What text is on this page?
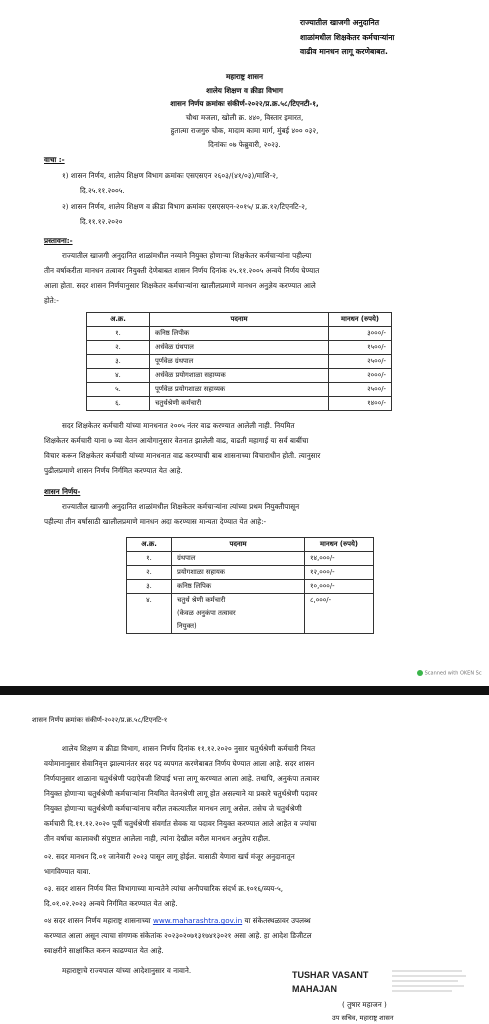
राज्यातील खाजगी अनुदानित
शाळांमधील शिक्षकेतर कर्मचाऱ्यांना
वाढीव मानधन लागू करणेबाबत.
महाराष्ट्र शासन
शालेय शिक्षण व क्रीडा विभाग
शासन निर्णय क्रमांकः संकीर्ण-२०२२/प्र.क्र.५८/टिएनटी-१,
चौथा मजला, खोली क्र. ४४०, विस्तार इमारत,
हुतात्मा राजगुरु चौक, मादाम कामा मार्ग, मुंबई ४०० ०३२,
दिनांकः ०७ फेब्रुवारी, २०२३.
वाचा :-
१) शासन निर्णय, शालेय शिक्षण विभाग क्रमांकः एसएसएन २६०३/(४१/०३)/माशि-२,
दि.२५.११.२००५.
२) शासन निर्णय, शालेय शिक्षण व क्रीडा विभाग क्रमांकः एसएसएन-२०१५/ प्र.क्र.१२/टिएनटि-२,
दि.११.१२.२०२०
प्रस्तावना:-
राज्यातील खाजगी अनुदानित शाळांमधील नव्याने नियुक्त होणाऱ्या शिक्षकेतर कर्मचाऱ्यांना पहील्या
तीन वर्षाकरीता मानधन तत्वावर नियुक्ती देणेबाबत शासन निर्णय दिनांक २५.११.२००५ अन्वये निर्णय घेण्यात
आला होता. सदर शासन निर्णयानुसार शिक्षकेतर कर्मचाऱ्यांना खालीलप्रमाणे मानधन अनुज्ञेय करण्यात आले
होते:-
अ.क्र.	पदनाम	मानधन (रुपये)
१.	कनिष्ठ लिपीक	३०००/-
२.	अर्धवेळ ग्रंथपाल	१५००/-
३.	पूर्णवेळ ग्रंथपाल	२५००/-
४.	अर्धवेळ प्रयोगशाळा सहाय्यक	२०००/-
५.	पूर्णवेळ प्रयोगशाळा सहाय्यक	२५००/-
६.	चतुर्थश्रेणी कर्मचारी	१४००/-
सदर शिक्षकेतर कर्मचारी यांच्या मानधनात २००५ नंतर वाढ करण्यात आलेली नाही. नियमित
शिक्षकेतर कर्मचारी याना ७ व्या वेतन आयोगानुसार वेतनात झालेली वाढ, वाढती महागाई या सर्व बाबींचा
विचार करून शिक्षकेतर कर्मचारी यांच्या मानधनात वाढ करण्याची बाब शासनाच्या विचाराधीन होती. त्यानुसार
पुढीलप्रमाणे शासन निर्णय निर्गमित करण्यात येत आहे.
शासन निर्णय-
राज्यातील खाजगी अनुदानित शाळांमधील शिक्षकेतर कर्मचाऱ्यांना त्यांच्या प्रथम नियुक्तीपासून
पहील्या तीन वर्षासाठी खालीलप्रमाणे मानधन अदा करण्यास मान्यता देण्यात येत आहे:-
अ.क्र.	पदनाम	मानधन (रुपये)
१.	ग्रंथपाल	१४,०००/-
२.	प्रयोगशाळा सहायक	१२,०००/-
३.	कनिष्ठ लिपिक	१०,०००/-
४.	चतुर्थ श्रेणी कर्मचारी
(केवळ अनुकंपा तत्वावर
नियुक्त)	८,०००/-
Scanned with OKEN Sc
शासन निर्णय क्रमांकः संकीर्ण-२०२२/प्र.क्र.५८/टिएनटि-१
शालेय शिक्षण व क्रीडा विभाग, शासन निर्णय दिनांक ११.१२.२०२० नुसार चतुर्थश्रेणी कर्मचारी नियत
वयोमानानुसार सेवानिवृत्त झाल्यानंतर सदर पद व्यपगत करणेबाबत निर्णय घेण्यात आला आहे. सदर शासन
निर्णयानुसार शाळाना चतुर्थश्रेणी पदाऐवजी शिपाई भत्ता लागू करण्यात आला आहे. तथापि, अनुकंपा तत्वावर
नियुक्त होणाऱ्या चतुर्थश्रेणी कर्मचाऱ्यांना नियमित वेतनश्रेणी लागू होत असल्याने या प्रकारे चतुर्थश्रेणी पदावर
नियुक्त होणाऱ्या चतुर्थश्रेणी कर्मचाऱ्यांनाच वरील तकत्यातील मानधन लागू असेल. तसेच जे चतुर्थश्रेणी
कर्मचारी दि.११.१२.२०२० पूर्वी चतुर्थश्रेणी संवर्गात सेवक या पदावर नियुक्त करण्यात आले आहेत व ज्यांचा
तीन वर्षाचा कालावधी संपुष्टात आलेला नाही, त्यांना देखील वरील मानधन अनुज्ञेय राहील.
०२. सदर मानधन दि.०१ जानेवारी २०२३ पासून लागू होईल. यासाठी येणारा खर्च मंजूर अनुदानातून
भागविण्यात यावा.
०३. सदर शासन निर्णय वित्त विभागाच्या मान्यतेने त्यांचा अनौपचारिक संदर्भ क्र.१०१६/व्यय-५,
दि.०१.०२.२०२३ अन्वये निर्गमित करण्यात येत आहे.
०४ सदर शासन निर्णय महाराष्ट्र शासनाच्या www.maharashtra.gov.in या संकेतस्थळावर उपलब्ध
करण्यात आला असून त्याचा संगणक संकेतांक २०२३०२०७१३१७४१३०२१ असा आहे. हा आदेश डिजीटल
स्वाक्षरीने साक्षांकित करुन काढण्यात येत आहे.
महाराष्ट्राचे राज्यपाल यांच्या आदेशानुसार व नावाने.	TUSHAR VASANT
MAHAJAN
( तुषार महाजन )
उप सचिव, महाराष्ट्र शासन
